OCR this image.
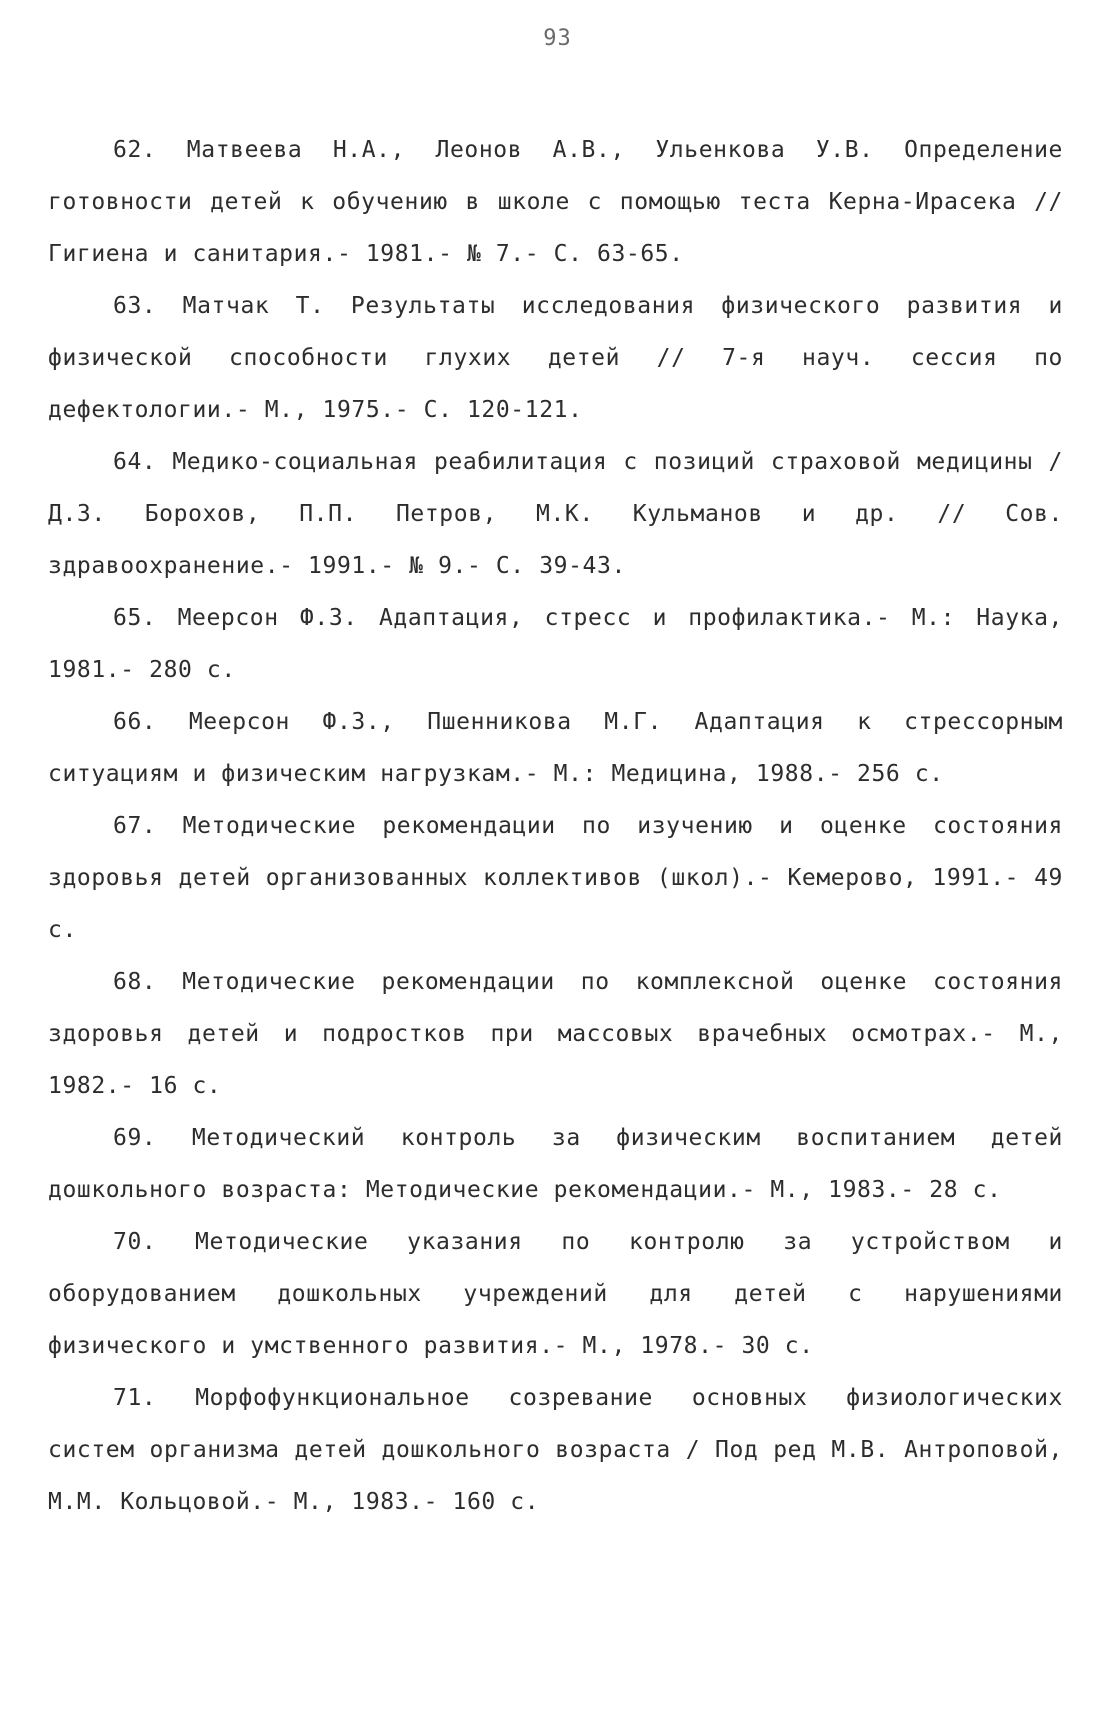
93

62. Матвеева Н.А., Леонов А.В., Ульенкова У.В. Определение готовности детей к обучению в школе с помощью теста Керна-Ирасека // Гигиена и санитария.- 1981.- № 7.- С. 63-65.

63. Матчак Т. Результаты исследования физического развития и физической способности глухих детей // 7-я науч. сессия по дефектологии.- М., 1975.- С. 120-121.

64. Медико-социальная реабилитация с позиций страховой медицины / Д.З. Борохов, П.П. Петров, М.К. Кульманов и др. // Сов. здравоохранение.- 1991.- № 9.- С. 39-43.

65. Меерсон Ф.З. Адаптация, стресс и профилактика.- М.: Наука, 1981.- 280 с.

66. Меерсон Ф.З., Пшенникова М.Г. Адаптация к стрессорным ситуациям и физическим нагрузкам.- М.: Медицина, 1988.- 256 с.

67. Методические рекомендации по изучению и оценке состояния здоровья детей организованных коллективов (школ).- Кемерово, 1991.- 49 с.

68. Методические рекомендации по комплексной оценке состояния здоровья детей и подростков при массовых врачебных осмотрах.- М., 1982.- 16 с.

69. Методический контроль за физическим воспитанием детей дошкольного возраста: Методические рекомендации.- М., 1983.- 28 с.

70. Методические указания по контролю за устройством и оборудованием дошкольных учреждений для детей с нарушениями физического и умственного развития.- М., 1978.- 30 с.

71. Морфофункциональное созревание основных физиологических систем организма детей дошкольного возраста / Под ред М.В. Антроповой, М.М. Кольцовой.- М., 1983.- 160 с.
